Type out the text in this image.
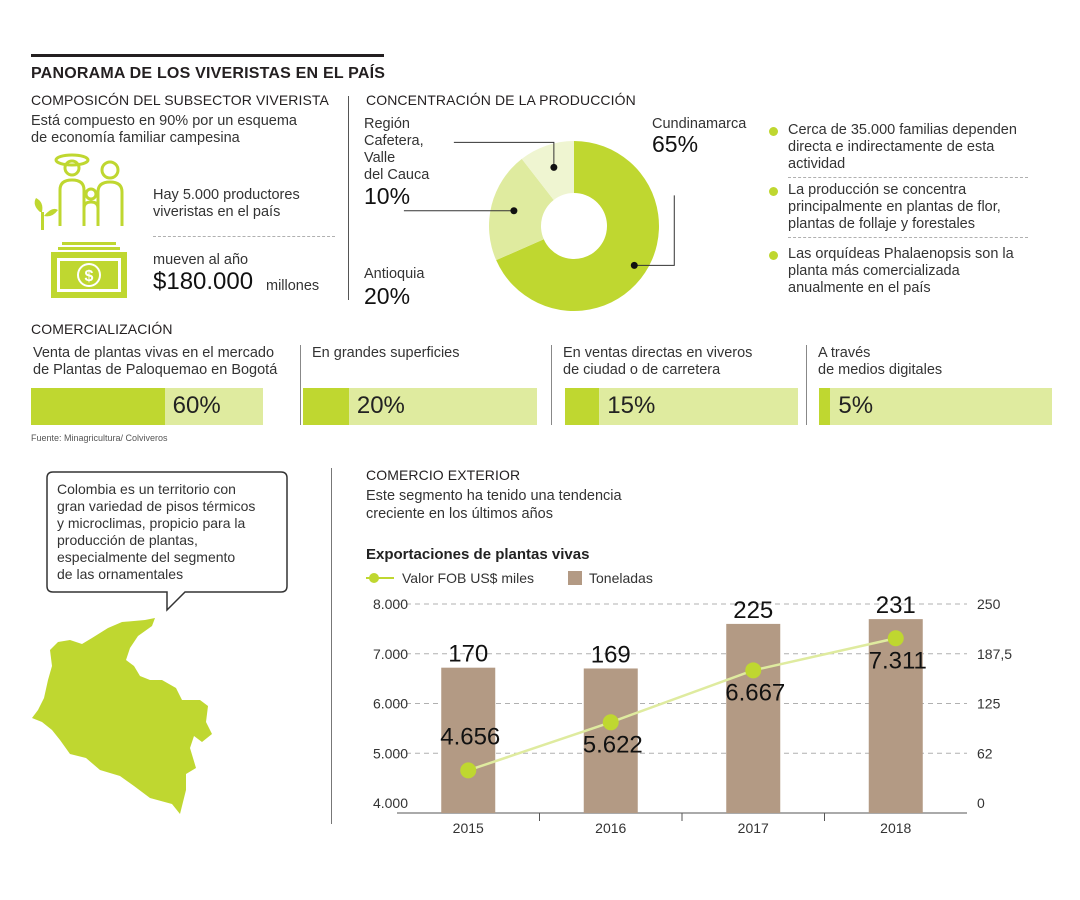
PANORAMA DE LOS VIVERISTAS EN EL PAÍS
COMPOSICÓN DEL SUBSECTOR VIVERISTA
Está compuesto en 90% por un esquema
de economía familiar campesina
Hay 5.000 productores
viveristas en el país
$
mueven al año
$180.000 millones
CONCENTRACIÓN DE LA PRODUCCIÓN
Cundinamarca
65%
Antioquia
20%
Región
Cafetera,
Valle
del Cauca
10%
Cerca de 35.000 familias dependen
directa e indirectamente de esta
actividad
La producción se concentra
principalmente en plantas de flor,
plantas de follaje y forestales
Las orquídeas Phalaenopsis son la
planta más comercializada
anualmente en el país
COMERCIALIZACIÓN
Venta de plantas vivas en el mercado
de Plantas de Paloquemao en Bogotá
60%
En grandes superficies
20%
En ventas directas en viveros
de ciudad o de carretera
15%
A través
de medios digitales
5%
Fuente: Minagricultura/ Colviveros
Colombia es un territorio con
gran variedad de pisos térmicos
y microclimas, propicio para la
producción de plantas,
especialmente del segmento
de las ornamentales
COMERCIO EXTERIOR
Este segmento ha tenido una tendencia
creciente en los últimos años
Exportaciones de plantas vivas
Valor FOB US$ miles	Toneladas
4.000
5.000
6.000
7.000
8.000
0
62
125
187,5
250
170
2015
169
2016
225
2017
231
2018
4.656	5.622
6.667
7.311
